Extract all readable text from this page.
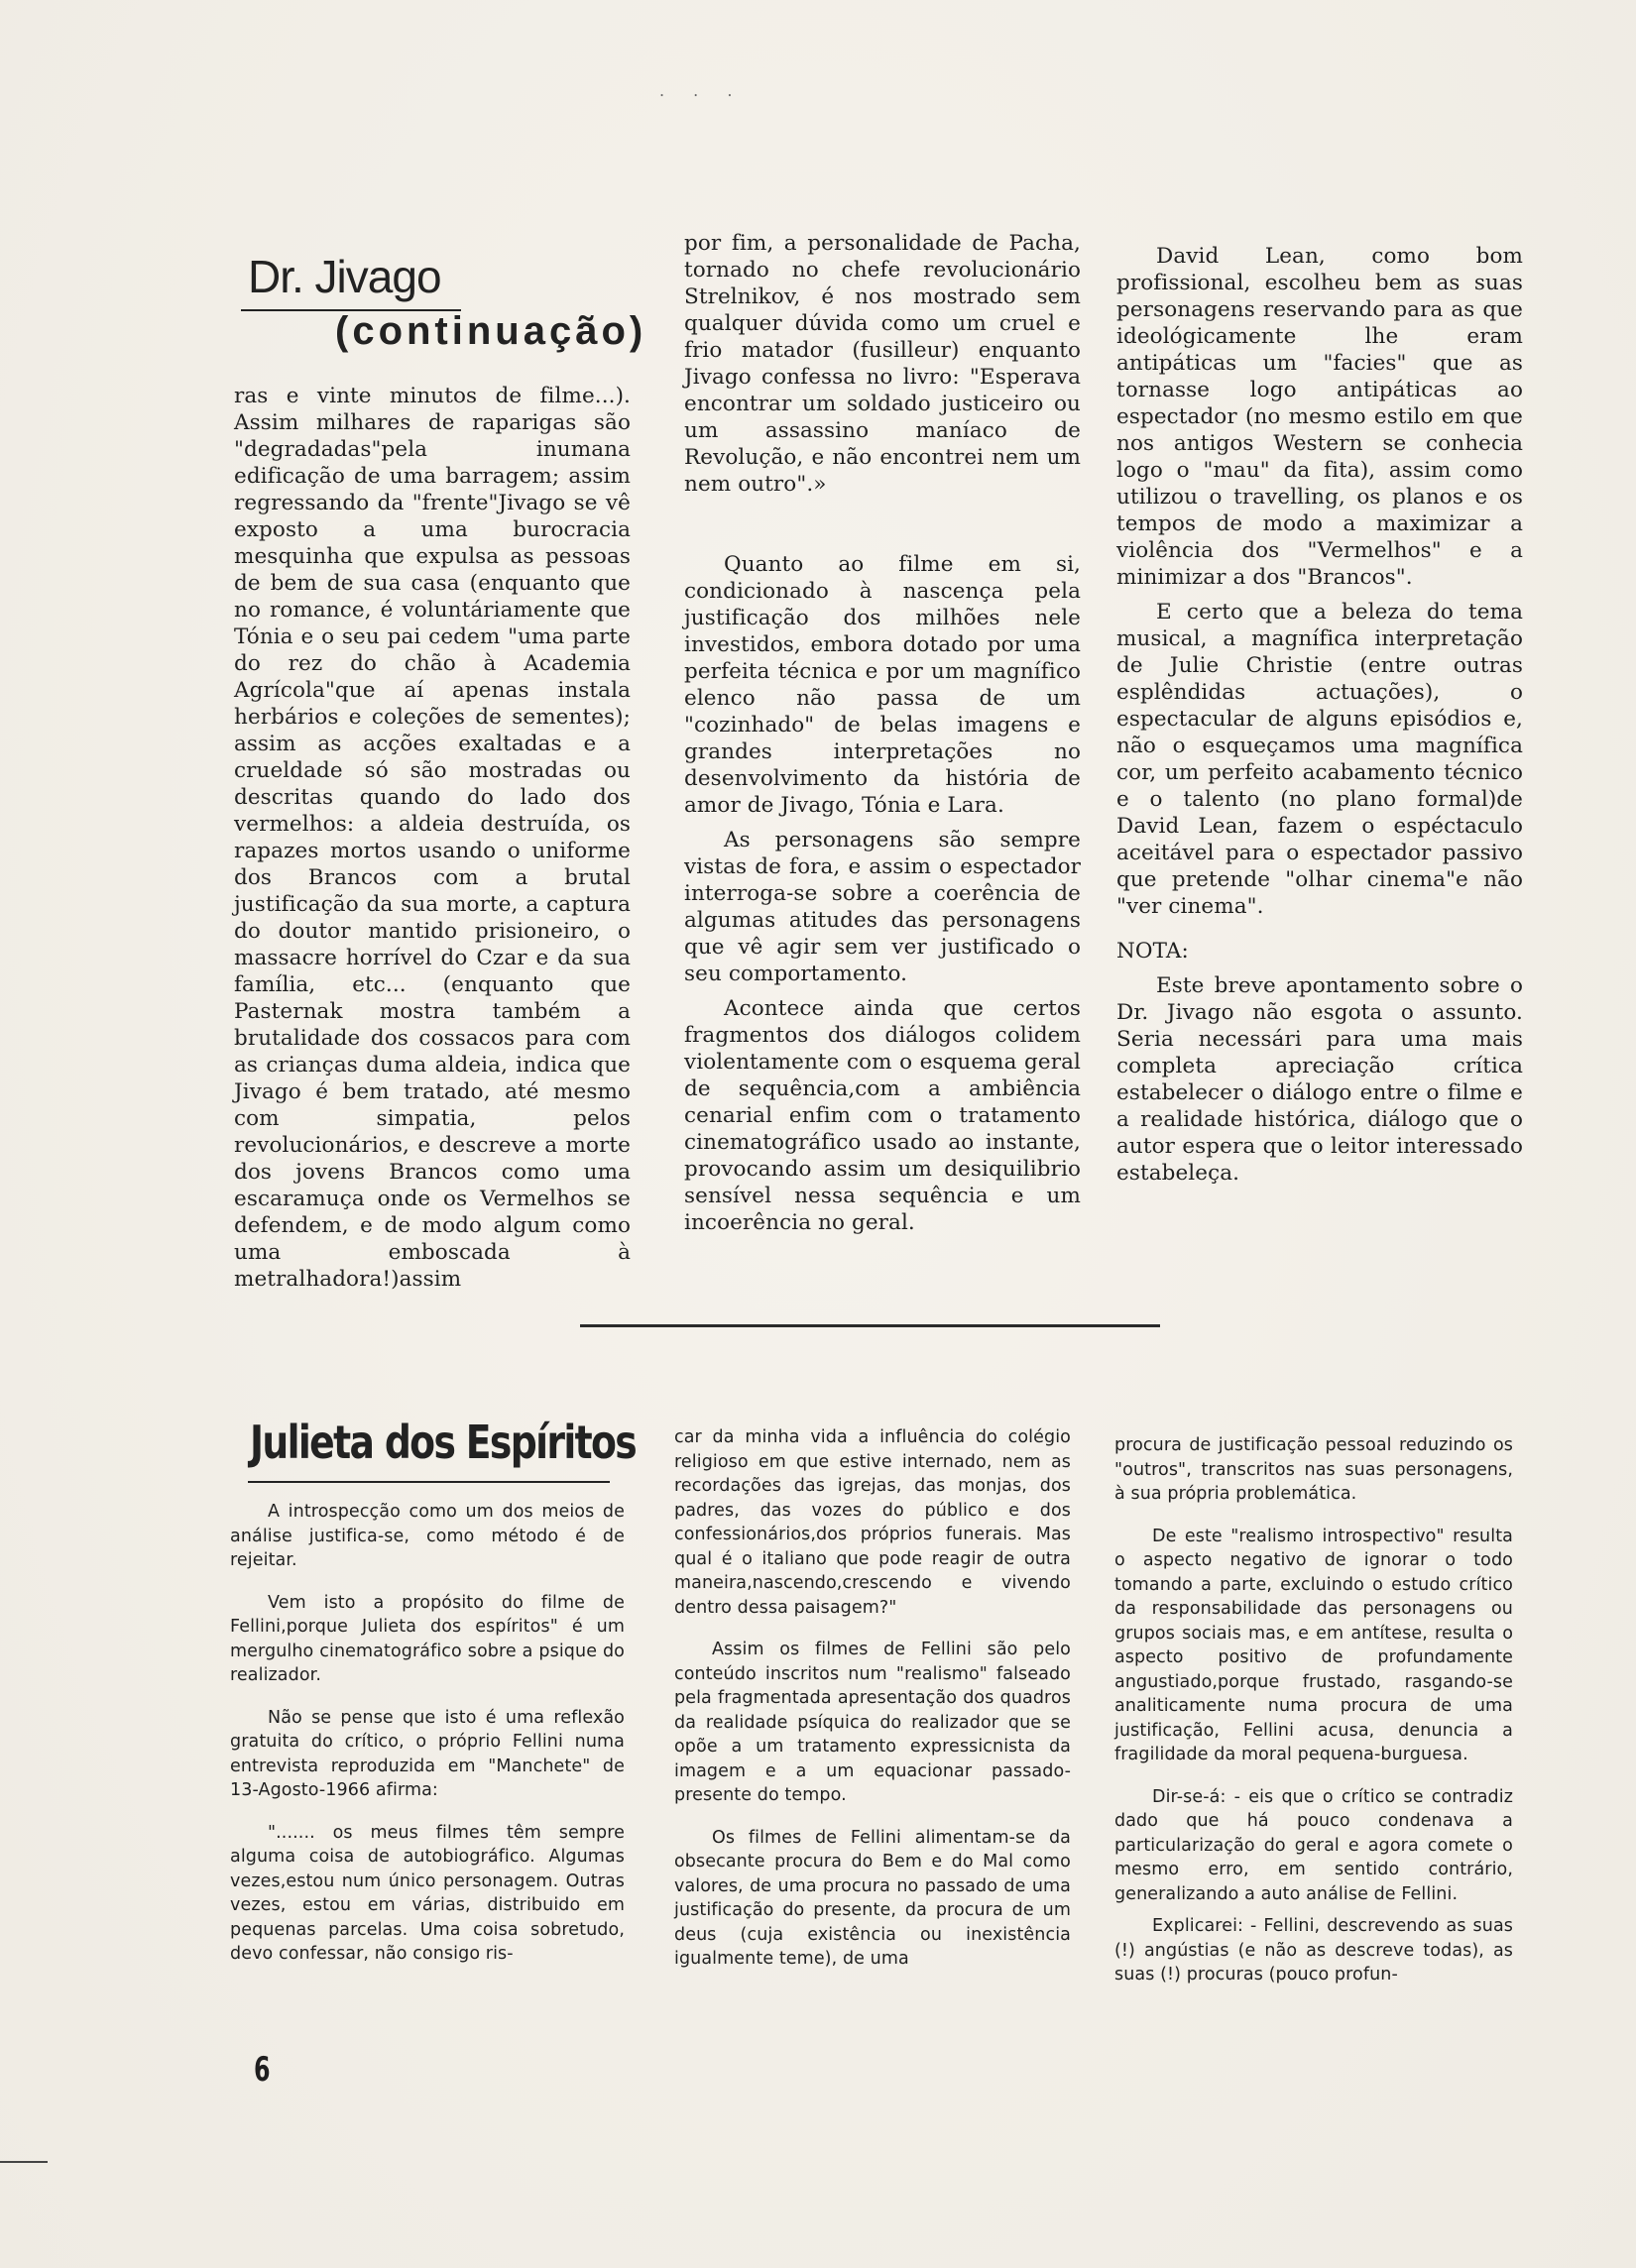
. . .
Dr. Jivago
(continuação)

ras e vinte minutos de filme...). Assim milhares de raparigas são "degradadas"pela inumana edificação de uma barragem; assim regressando da "frente"Jivago se vê exposto a uma burocracia mesquinha que expulsa as pessoas de bem de sua casa (enquanto que no romance, é voluntáriamente que Tónia e o seu pai cedem "uma parte do rez do chão à Academia Agrícola"que aí apenas instala herbários e coleções de sementes); assim as acções exaltadas e a crueldade só são mostradas ou descritas quando do lado dos vermelhos: a aldeia destruída, os rapazes mortos usando o uniforme dos Brancos com a brutal justificação da sua morte, a captura do doutor mantido prisioneiro, o massacre horrível do Czar e da sua família, etc... (enquanto que Pasternak mostra também a brutalidade dos cossacos para com as crianças duma aldeia, indica que Jivago é bem tratado, até mesmo com simpatia, pelos revolucionários, e descreve a morte dos jovens Brancos como uma escaramuça onde os Vermelhos se defendem, e de modo algum como uma emboscada à metralhadora!)assim

por fim, a personalidade de Pacha, tornado no chefe revolucionário Strelnikov, é nos mostrado sem qualquer dúvida como um cruel e frio matador (fusilleur) enquanto Jivago confessa no livro: "Esperava encontrar um soldado justiceiro ou um assassino maníaco de Revolução, e não encontrei nem um nem outro".»

Quanto ao filme em si, condicionado à nascença pela justificação dos milhões nele investidos, embora dotado por uma perfeita técnica e por um magnífico elenco não passa de um "cozinhado" de belas imagens e grandes interpretações no desenvolvimento da história de amor de Jivago, Tónia e Lara.

As personagens são sempre vistas de fora, e assim o espectador interroga-se sobre a coerência de algumas atitudes das personagens que vê agir sem ver justificado o seu comportamento.

Acontece ainda que certos fragmentos dos diálogos colidem violentamente com o esquema geral de sequência,com a ambiência cenarial enfim com o tratamento cinematográfico usado ao instante, provocando assim um desiquilibrio sensível nessa sequência e um incoerência no geral.

David Lean, como bom profissional, escolheu bem as suas personagens reservando para as que ideológicamente lhe eram antipáticas um "facies" que as tornasse logo antipáticas ao espectador (no mesmo estilo em que nos antigos Western se conhecia logo o "mau" da fita), assim como utilizou o travelling, os planos e os tempos de modo a maximizar a violência dos "Vermelhos" e a minimizar a dos "Brancos".

E certo que a beleza do tema musical, a magnífica interpretação de Julie Christie (entre outras esplêndidas actuações), o espectacular de alguns episódios e, não o esqueçamos uma magnífica cor, um perfeito acabamento técnico e o talento (no plano formal)de David Lean, fazem o espéctaculo aceitável para o espectador passivo que pretende "olhar cinema"e não "ver cinema".

NOTA:

Este breve apontamento sobre o Dr. Jivago não esgota o assunto. Seria necessári para uma mais completa apreciação crítica estabelecer o diálogo entre o filme e a realidade histórica, diálogo que o autor espera que o leitor interessado estabeleça.

Julieta dos Espíritos

A introspecção como um dos meios de análise justifica-se, como método é de rejeitar.

Vem isto a propósito do filme de Fellini,porque Julieta dos espíritos" é um mergulho cinematográfico sobre a psique do realizador.

Não se pense que isto é uma reflexão gratuita do crítico, o próprio Fellini numa entrevista reproduzida em "Manchete" de 13-Agosto-1966 afirma:

"....... os meus filmes têm sempre alguma coisa de autobiográfico. Algumas vezes,estou num único personagem. Outras vezes, estou em várias, distribuido em pequenas parcelas. Uma coisa sobretudo, devo confessar, não consigo ris-

car da minha vida a influência do colégio religioso em que estive internado, nem as recordações das igrejas, das monjas, dos padres, das vozes do público e dos confessionários,dos próprios funerais. Mas qual é o italiano que pode reagir de outra maneira,nascendo,crescendo e vivendo dentro dessa paisagem?"

Assim os filmes de Fellini são pelo conteúdo inscritos num "realismo" falseado pela fragmentada apresentação dos quadros da realidade psíquica do realizador que se opõe a um tratamento expressicnista da imagem e a um equacionar passado-presente do tempo.

Os filmes de Fellini alimentam-se da obsecante procura do Bem e do Mal como valores, de uma procura no passado de uma justificação do presente, da procura de um deus (cuja existência ou inexistência igualmente teme), de uma

procura de justificação pessoal reduzindo os "outros", transcritos nas suas personagens, à sua própria problemática.

De este "realismo introspectivo" resulta o aspecto negativo de ignorar o todo tomando a parte, excluindo o estudo crítico da responsabilidade das personagens ou grupos sociais mas, e em antítese, resulta o aspecto positivo de profundamente angustiado,porque frustado, rasgando-se analiticamente numa procura de uma justificação, Fellini acusa, denuncia a fragilidade da moral pequena-burguesa.

Dir-se-á: - eis que o crítico se contradiz dado que há pouco condenava a particularização do geral e agora comete o mesmo erro, em sentido contrário, generalizando a auto análise de Fellini.

Explicarei: - Fellini, descrevendo as suas (!) angústias (e não as descreve todas), as suas (!) procuras (pouco profun-

6
